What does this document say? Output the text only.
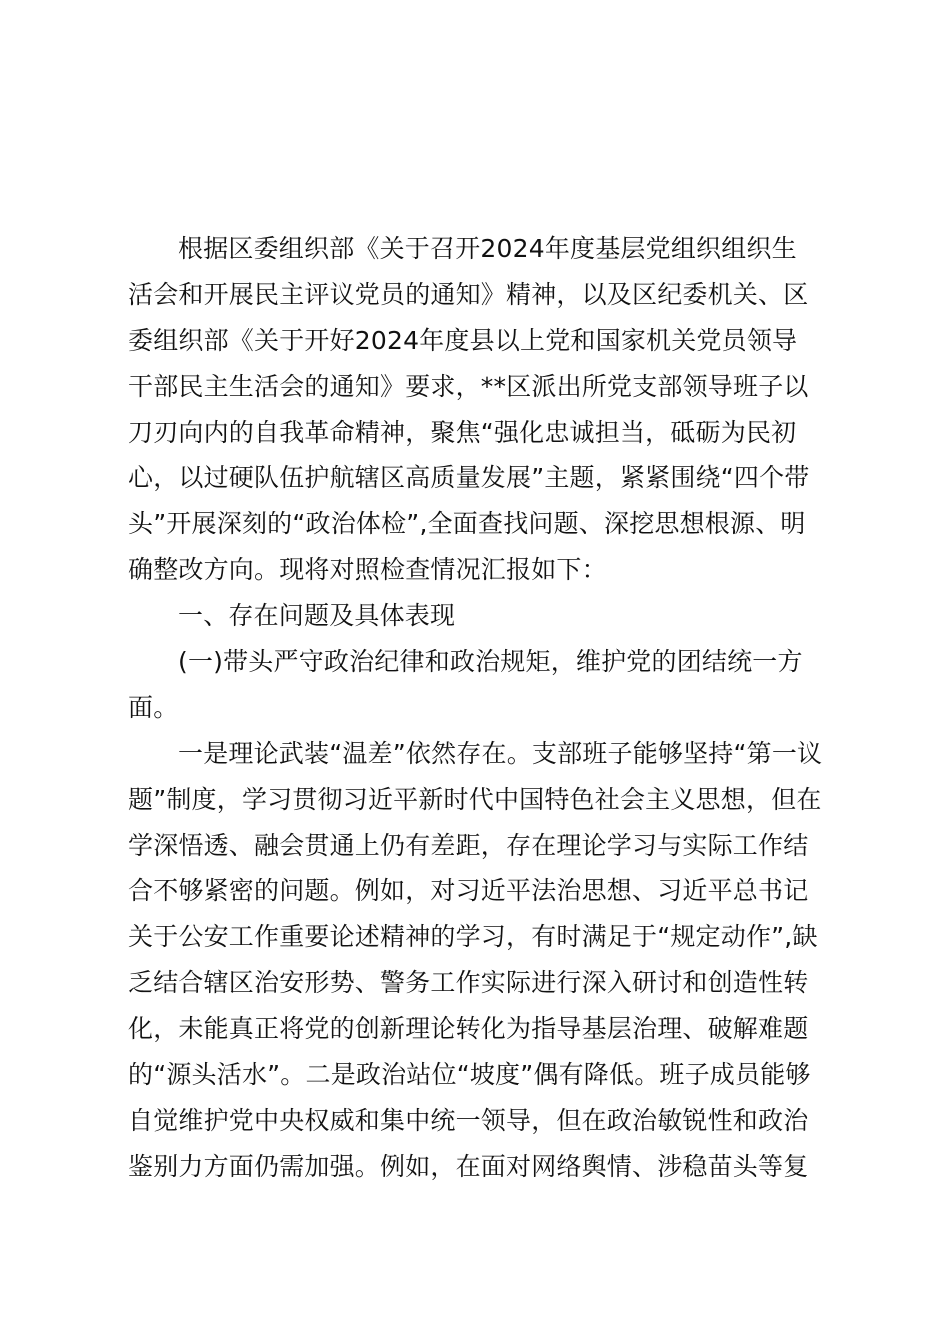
根据区委组织部《关于召开2024年度基层党组织组织生
活会和开展民主评议党员的通知》精神，以及区纪委机关、区
委组织部《关于开好2024年度县以上党和国家机关党员领导
干部民主生活会的通知》要求，**区派出所党支部领导班子以
刀刃向内的自我革命精神，聚焦“强化忠诚担当，砥砺为民初
心，以过硬队伍护航辖区高质量发展”主题，紧紧围绕“四个带
头”开展深刻的“政治体检”,全面查找问题、深挖思想根源、明
确整改方向。现将对照检查情况汇报如下：
一、存在问题及具体表现
(一)带头严守政治纪律和政治规矩，维护党的团结统一方
面。
一是理论武装“温差”依然存在。支部班子能够坚持“第一议
题”制度，学习贯彻习近平新时代中国特色社会主义思想，但在
学深悟透、融会贯通上仍有差距，存在理论学习与实际工作结
合不够紧密的问题。例如，对习近平法治思想、习近平总书记
关于公安工作重要论述精神的学习，有时满足于“规定动作”,缺
乏结合辖区治安形势、警务工作实际进行深入研讨和创造性转
化，未能真正将党的创新理论转化为指导基层治理、破解难题
的“源头活水”。二是政治站位“坡度”偶有降低。班子成员能够
自觉维护党中央权威和集中统一领导，但在政治敏锐性和政治
鉴别力方面仍需加强。例如，在面对网络舆情、涉稳苗头等复
